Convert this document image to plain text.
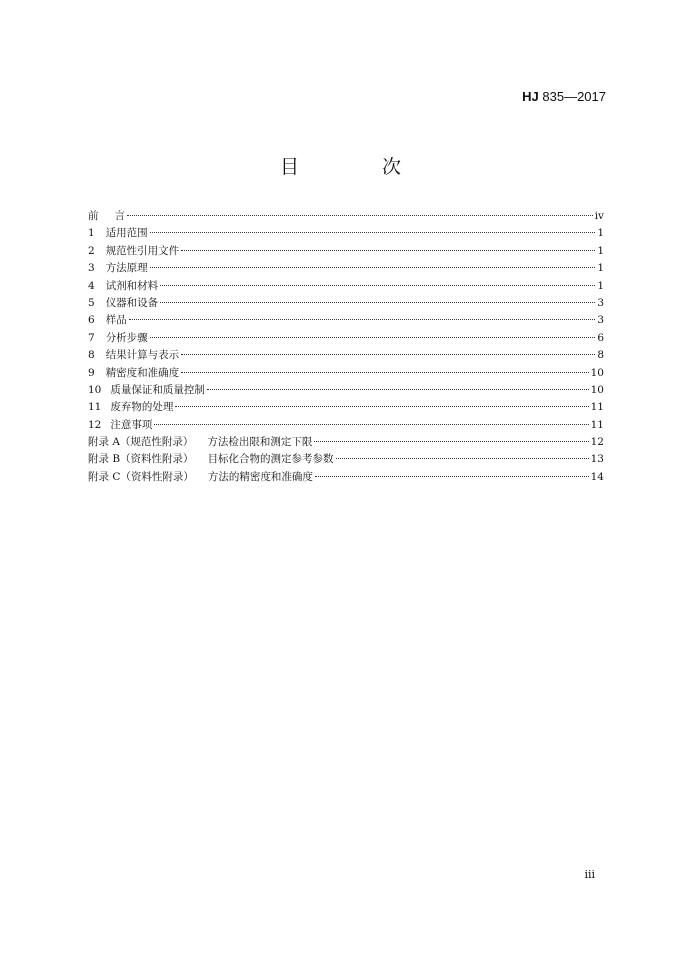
HJ 835—2017
目　次
前	言	iv
1	适用范围	1
2	规范性引用文件	1
3	方法原理	1
4	试剂和材料	1
5	仪器和设备	3
6	样品	3
7	分析步骤	6
8	结果计算与表示	8
9	精密度和准确度	10
10 质量保证和质量控制	10
11 废弃物的处理	11
12 注意事项	11
附录 A（规范性附录）	方法检出限和测定下限	12
附录 B（资料性附录）	目标化合物的测定参考参数	13
附录 C（资料性附录）	方法的精密度和准确度	14
iii
